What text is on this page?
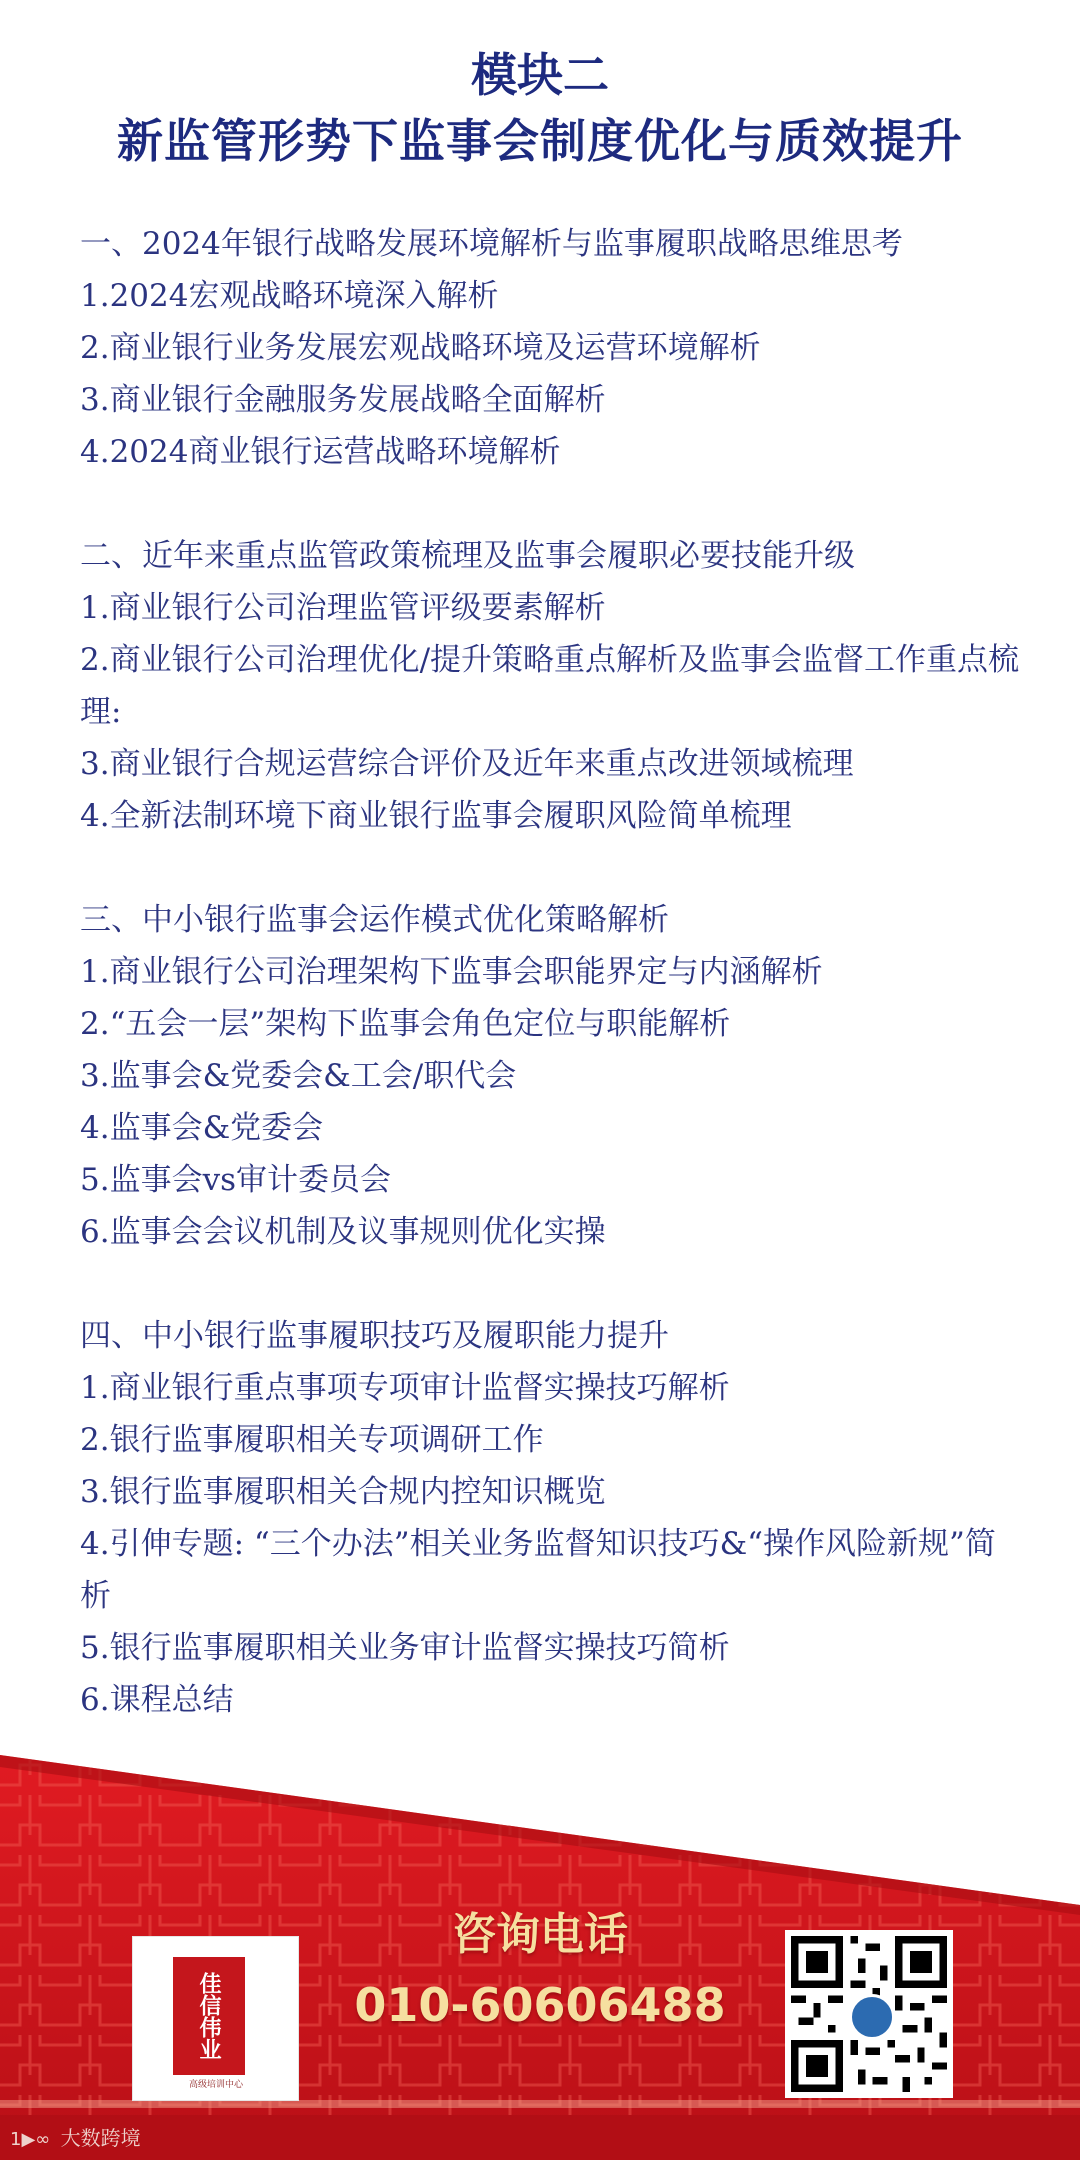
模块二
新监管形势下监事会制度优化与质效提升
一、2024年银行战略发展环境解析与监事履职战略思维思考
1.2024宏观战略环境深入解析
2.商业银行业务发展宏观战略环境及运营环境解析
3.商业银行金融服务发展战略全面解析
4.2024商业银行运营战略环境解析
二、近年来重点监管政策梳理及监事会履职必要技能升级
1.商业银行公司治理监管评级要素解析
2.商业银行公司治理优化/提升策略重点解析及监事会监督工作重点梳理:
3.商业银行合规运营综合评价及近年来重点改进领域梳理
4.全新法制环境下商业银行监事会履职风险简单梳理
三、中小银行监事会运作模式优化策略解析
1.商业银行公司治理架构下监事会职能界定与内涵解析
2.“五会一层”架构下监事会角色定位与职能解析
3.监事会&党委会&工会/职代会
4.监事会&党委会
5.监事会vs审计委员会
6.监事会会议机制及议事规则优化实操
四、中小银行监事履职技巧及履职能力提升
1.商业银行重点事项专项审计监督实操技巧解析
2.银行监事履职相关专项调研工作
3.银行监事履职相关合规内控知识概览
4.引伸专题: “三个办法”相关业务监督知识技巧&“操作风险新规”简析
5.银行监事履职相关业务审计监督实操技巧简析
6.课程总结
佳信伟业
高级培训中心
咨询电话
010-60606488
1▶∞ 大数跨境
